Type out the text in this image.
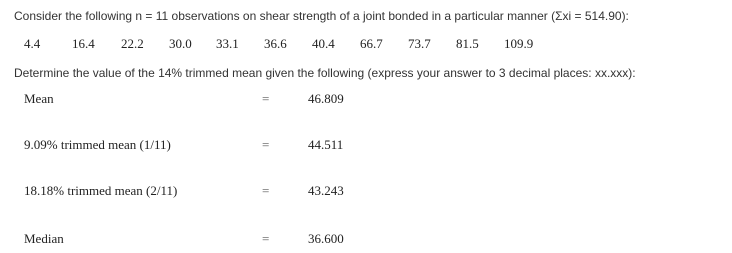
Consider the following n = 11 observations on shear strength of a joint bonded in a particular manner (Σxi = 514.90):
4.4 16.4 22.2 30.0 33.1 36.6 40.4 66.7 73.7 81.5 109.9
Determine the value of the 14% trimmed mean given the following (express your answer to 3 decimal places: xx.xxx):
Mean	=	46.809
9.09% trimmed mean (1/11)	=	44.511
18.18% trimmed mean (2/11)	=	43.243
Median	=	36.600
